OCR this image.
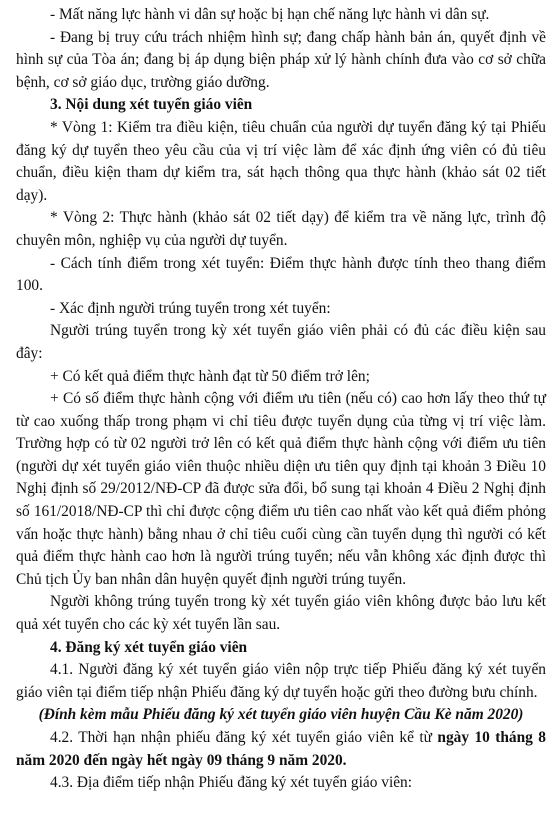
- Mất năng lực hành vi dân sự hoặc bị hạn chế năng lực hành vi dân sự.

- Đang bị truy cứu trách nhiệm hình sự; đang chấp hành bản án, quyết định về hình sự của Tòa án; đang bị áp dụng biện pháp xử lý hành chính đưa vào cơ sở chữa bệnh, cơ sở giáo dục, trường giáo dưỡng.

3. Nội dung xét tuyển giáo viên

* Vòng 1: Kiểm tra điều kiện, tiêu chuẩn của người dự tuyển đăng ký tại Phiếu đăng ký dự tuyển theo yêu cầu của vị trí việc làm để xác định ứng viên có đủ tiêu chuẩn, điều kiện tham dự kiểm tra, sát hạch thông qua thực hành (khảo sát 02 tiết dạy).

* Vòng 2: Thực hành (khảo sát 02 tiết dạy) để kiểm tra về năng lực, trình độ chuyên môn, nghiệp vụ của người dự tuyển.

- Cách tính điểm trong xét tuyển: Điểm thực hành được tính theo thang điểm 100.

- Xác định người trúng tuyển trong xét tuyển:

Người trúng tuyển trong kỳ xét tuyển giáo viên phải có đủ các điều kiện sau đây:

+ Có kết quả điểm thực hành đạt từ 50 điểm trở lên;

+ Có số điểm thực hành cộng với điểm ưu tiên (nếu có) cao hơn lấy theo thứ tự từ cao xuống thấp trong phạm vi chỉ tiêu được tuyển dụng của từng vị trí việc làm. Trường hợp có từ 02 người trở lên có kết quả điểm thực hành cộng với điểm ưu tiên (người dự xét tuyển giáo viên thuộc nhiều diện ưu tiên quy định tại khoản 3 Điều 10 Nghị định số 29/2012/NĐ-CP đã được sửa đổi, bổ sung tại khoản 4 Điều 2 Nghị định số 161/2018/NĐ-CP thì chỉ được cộng điểm ưu tiên cao nhất vào kết quả điểm phỏng vấn hoặc thực hành) bằng nhau ở chỉ tiêu cuối cùng cần tuyển dụng thì người có kết quả điểm thực hành cao hơn là người trúng tuyển; nếu vẫn không xác định được thì Chủ tịch Ủy ban nhân dân huyện quyết định người trúng tuyển.

Người không trúng tuyển trong kỳ xét tuyển giáo viên không được bảo lưu kết quả xét tuyển cho các kỳ xét tuyển lần sau.

4. Đăng ký xét tuyển giáo viên

4.1. Người đăng ký xét tuyển giáo viên nộp trực tiếp Phiếu đăng ký xét tuyển giáo viên tại điểm tiếp nhận Phiếu đăng ký dự tuyển hoặc gửi theo đường bưu chính.

(Đính kèm mẫu Phiếu đăng ký xét tuyển giáo viên huyện Cầu Kè năm 2020)

4.2. Thời hạn nhận phiếu đăng ký xét tuyển giáo viên kể từ ngày 10 tháng 8 năm 2020 đến ngày hết ngày 09 tháng 9 năm 2020.

4.3. Địa điểm tiếp nhận Phiếu đăng ký xét tuyển giáo viên:
